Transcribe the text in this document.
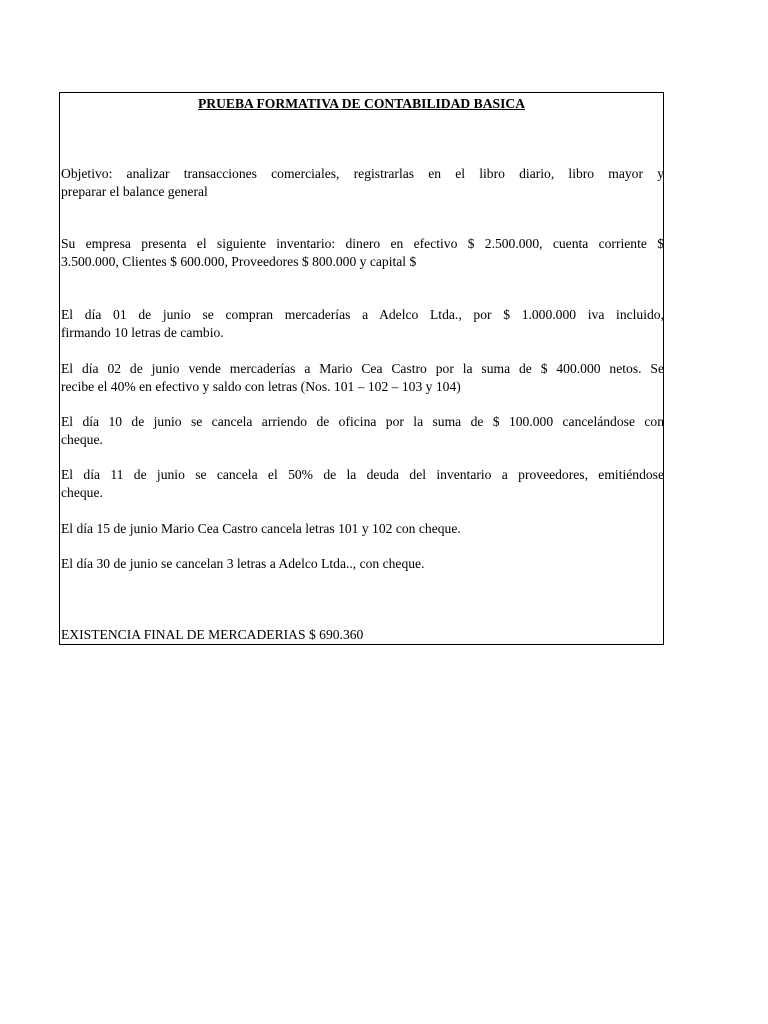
PRUEBA FORMATIVA DE CONTABILIDAD BASICA
Objetivo: analizar transacciones comerciales, registrarlas en el libro diario, libro mayor y
preparar el balance general
Su empresa presenta el siguiente inventario: dinero en efectivo $ 2.500.000, cuenta corriente $
3.500.000, Clientes $ 600.000, Proveedores $ 800.000 y capital $
El día 01 de junio se compran mercaderías a Adelco Ltda., por $ 1.000.000 iva incluido,
firmando 10 letras de cambio.
El día 02 de junio vende mercaderías a Mario Cea Castro por la suma de $ 400.000 netos. Se
recibe el 40% en efectivo y saldo con letras (Nos. 101 – 102 – 103 y 104)
El día 10 de junio se cancela arriendo de oficina por la suma de $ 100.000 cancelándose con
cheque.
El día 11 de junio se cancela el 50% de la deuda del inventario a proveedores, emitiéndose
cheque.
El día 15 de junio Mario Cea Castro cancela letras 101 y 102 con cheque.
El día 30 de junio se cancelan 3 letras a Adelco Ltda.., con cheque.
EXISTENCIA FINAL DE MERCADERIAS $ 690.360
